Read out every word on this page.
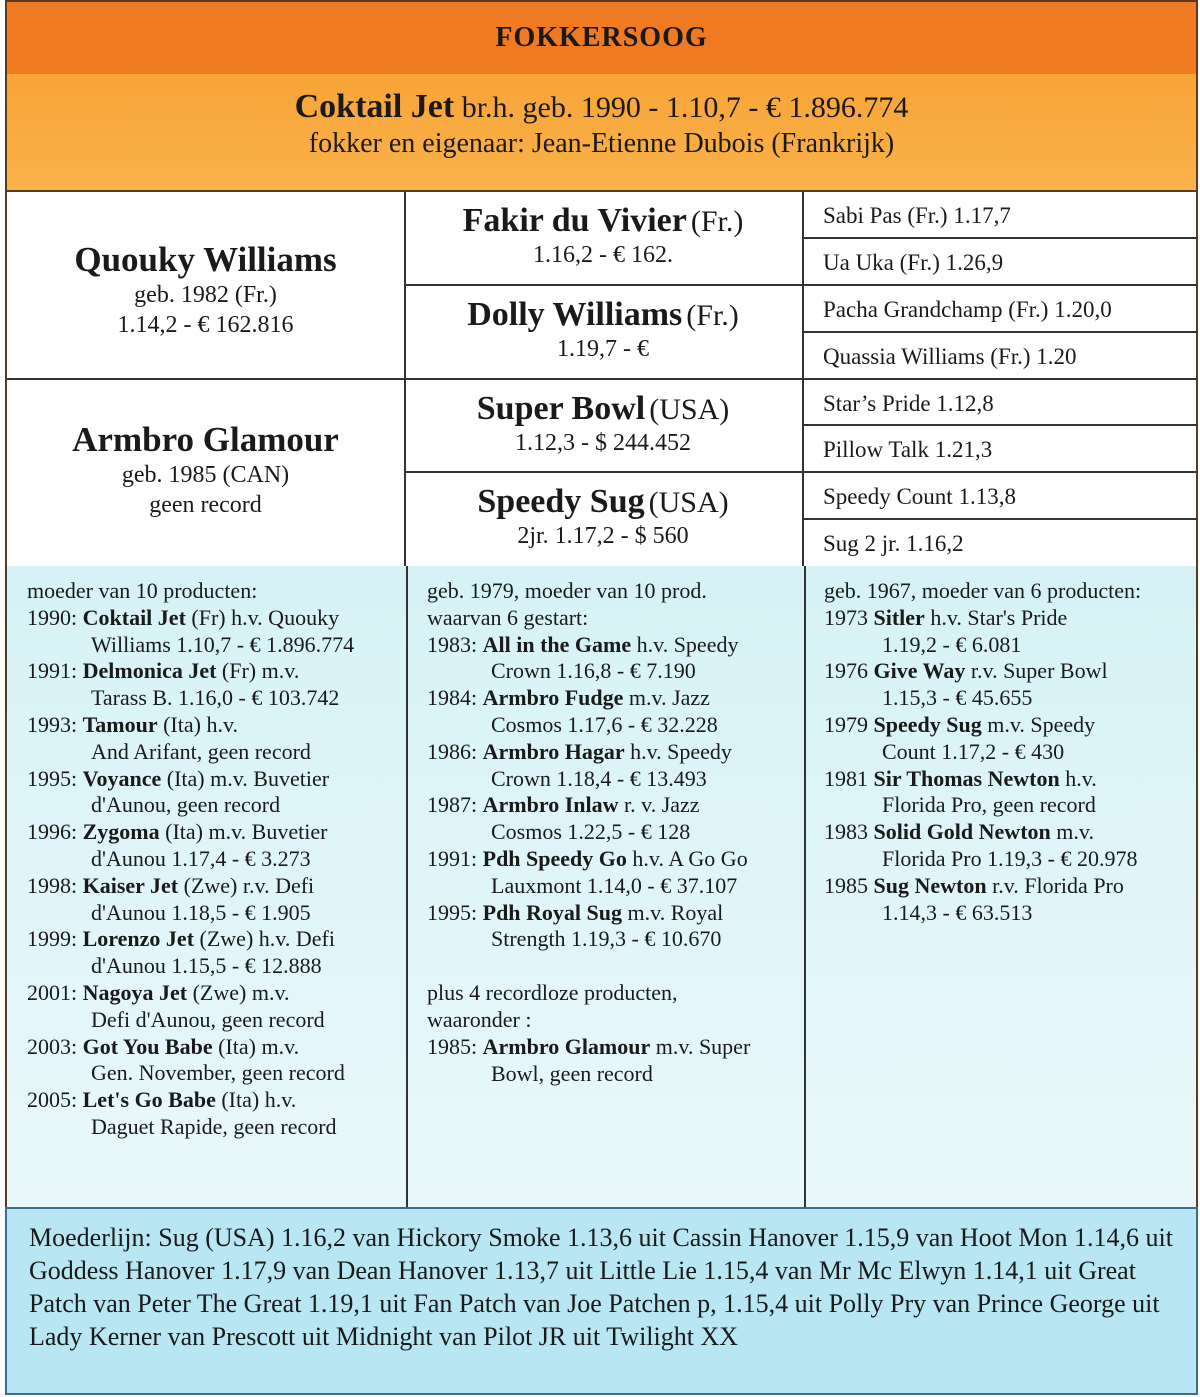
FOKKERSOOG
Coktail Jet br.h. geb. 1990 - 1.10,7 - € 1.896.774
fokker en eigenaar: Jean-Etienne Dubois (Frankrijk)
Quouky Williams
geb. 1982 (Fr.)
1.14,2 - € 162.816
Armbro Glamour
geb. 1985 (CAN)
geen record
Fakir du Vivier (Fr.)
1.16,2 - € 162.
Dolly Williams (Fr.)
1.19,7 - €
Super Bowl (USA)
1.12,3 - $ 244.452
Speedy Sug (USA)
2jr. 1.17,2 - $ 560
Sabi Pas (Fr.) 1.17,7
Ua Uka (Fr.) 1.26,9
Pacha Grandchamp (Fr.) 1.20,0
Quassia Williams (Fr.) 1.20
Star’s Pride 1.12,8
Pillow Talk 1.21,3
Speedy Count 1.13,8
Sug 2 jr. 1.16,2

moeder van 10 producten:

1990: Coktail Jet (Fr) h.v. Quouky

Williams 1.10,7 - € 1.896.774

1991: Delmonica Jet (Fr) m.v.

Tarass B. 1.16,0 - € 103.742

1993: Tamour (Ita) h.v.

And Arifant, geen record

1995: Voyance (Ita) m.v. Buvetier

d'Aunou, geen record

1996: Zygoma (Ita) m.v. Buvetier

d'Aunou 1.17,4 - € 3.273

1998: Kaiser Jet (Zwe) r.v. Defi

d'Aunou 1.18,5 - € 1.905

1999: Lorenzo Jet (Zwe) h.v. Defi

d'Aunou 1.15,5 - € 12.888

2001: Nagoya Jet (Zwe) m.v.

Defi d'Aunou, geen record

2003: Got You Babe (Ita) m.v.

Gen. November, geen record

2005: Let's Go Babe (Ita) h.v.

Daguet Rapide, geen record

geb. 1979, moeder van 10 prod.

waarvan 6 gestart:

1983: All in the Game h.v. Speedy

Crown 1.16,8 - € 7.190

1984: Armbro Fudge m.v. Jazz

Cosmos 1.17,6 - € 32.228

1986: Armbro Hagar h.v. Speedy

Crown 1.18,4 - € 13.493

1987: Armbro Inlaw r. v. Jazz

Cosmos 1.22,5 - € 128

1991: Pdh Speedy Go h.v. A Go Go

Lauxmont 1.14,0 - € 37.107

1995: Pdh Royal Sug m.v. Royal

Strength 1.19,3 - € 10.670

plus 4 recordloze producten,

waaronder :

1985: Armbro Glamour m.v. Super

Bowl, geen record

geb. 1967, moeder van 6 producten:

1973 Sitler h.v. Star's Pride

1.19,2 - € 6.081

1976 Give Way r.v. Super Bowl

1.15,3 - € 45.655

1979 Speedy Sug m.v. Speedy

Count 1.17,2 - € 430

1981 Sir Thomas Newton h.v.

Florida Pro, geen record

1983 Solid Gold Newton m.v.

Florida Pro 1.19,3 - € 20.978

1985 Sug Newton r.v. Florida Pro

1.14,3 - € 63.513

Moederlijn: Sug (USA) 1.16,2 van Hickory Smoke 1.13,6 uit Cassin Hanover 1.15,9 van Hoot Mon 1.14,6 uit Goddess Hanover 1.17,9 van Dean Hanover 1.13,7 uit Little Lie 1.15,4 van Mr Mc Elwyn 1.14,1 uit Great Patch van Peter The Great 1.19,1 uit Fan Patch van Joe Patchen p, 1.15,4 uit Polly Pry van Prince George uit Lady Kerner van Prescott uit Midnight van Pilot JR uit Twilight XX
